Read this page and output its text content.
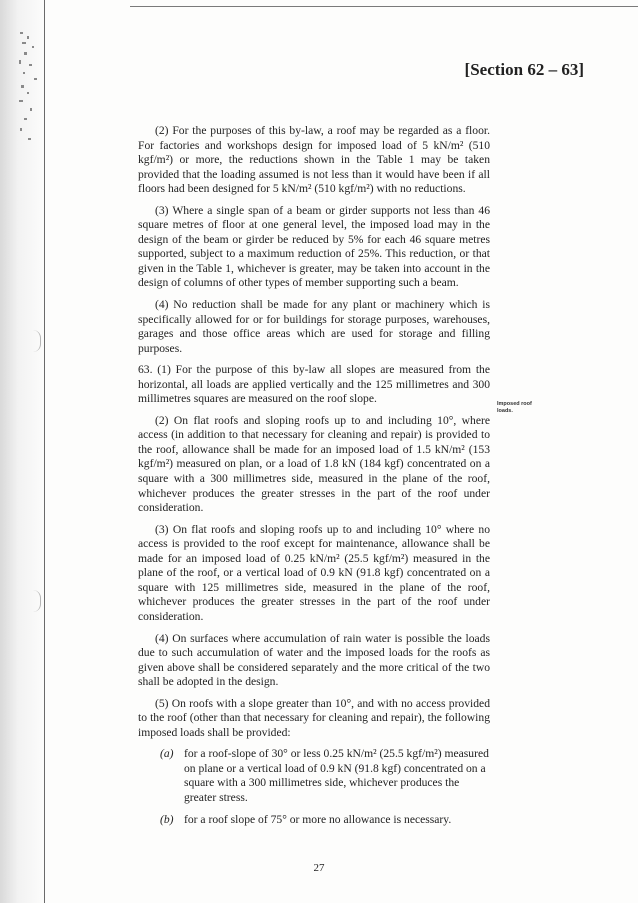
[Section 62 – 63]

(2) For the purposes of this by-law, a roof may be regarded as a floor. For factories and workshops design for imposed load of 5 kN/m² (510 kgf/m²) or more, the reductions shown in the Table 1 may be taken provided that the loading assumed is not less than it would have been if all floors had been designed for 5 kN/m² (510 kgf/m²) with no reductions.

(3) Where a single span of a beam or girder supports not less than 46 square metres of floor at one general level, the imposed load may in the design of the beam or girder be reduced by 5% for each 46 square metres supported, subject to a maximum reduction of 25%. This reduction, or that given in the Table 1, whichever is greater, may be taken into account in the design of columns of other types of member supporting such a beam.

(4) No reduction shall be made for any plant or machinery which is specifically allowed for or for buildings for storage purposes, warehouses, garages and those office areas which are used for storage and filling purposes.

63. (1) For the purpose of this by-law all slopes are measured from the horizontal, all loads are applied vertically and the 125 millimetres and 300 millimetres squares are measured on the roof slope.

(2) On flat roofs and sloping roofs up to and including 10°, where access (in addition to that necessary for cleaning and repair) is provided to the roof, allowance shall be made for an imposed load of 1.5 kN/m² (153 kgf/m²) measured on plan, or a load of 1.8 kN (184 kgf) concentrated on a square with a 300 millimetres side, measured in the plane of the roof, whichever produces the greater stresses in the part of the roof under consideration.

(3) On flat roofs and sloping roofs up to and including 10° where no access is provided to the roof except for maintenance, allowance shall be made for an imposed load of 0.25 kN/m² (25.5 kgf/m²) measured in the plane of the roof, or a vertical load of 0.9 kN (91.8 kgf) concentrated on a square with 125 millimetres side, measured in the plane of the roof, whichever produces the greater stresses in the part of the roof under consideration.

(4) On surfaces where accumulation of rain water is possible the loads due to such accumulation of water and the imposed loads for the roofs as given above shall be considered separately and the more critical of the two shall be adopted in the design.

(5) On roofs with a slope greater than 10°, and with no access provided to the roof (other than that necessary for cleaning and repair), the following imposed loads shall be provided:

(a) for a roof-slope of 30° or less 0.25 kN/m² (25.5 kgf/m²) measured on plane or a vertical load of 0.9 kN (91.8 kgf) concentrated on a square with a 300 millimetres side, whichever produces the greater stress.
(b) for a roof slope of 75° or more no allowance is necessary.
Imposed roof loads.
27
